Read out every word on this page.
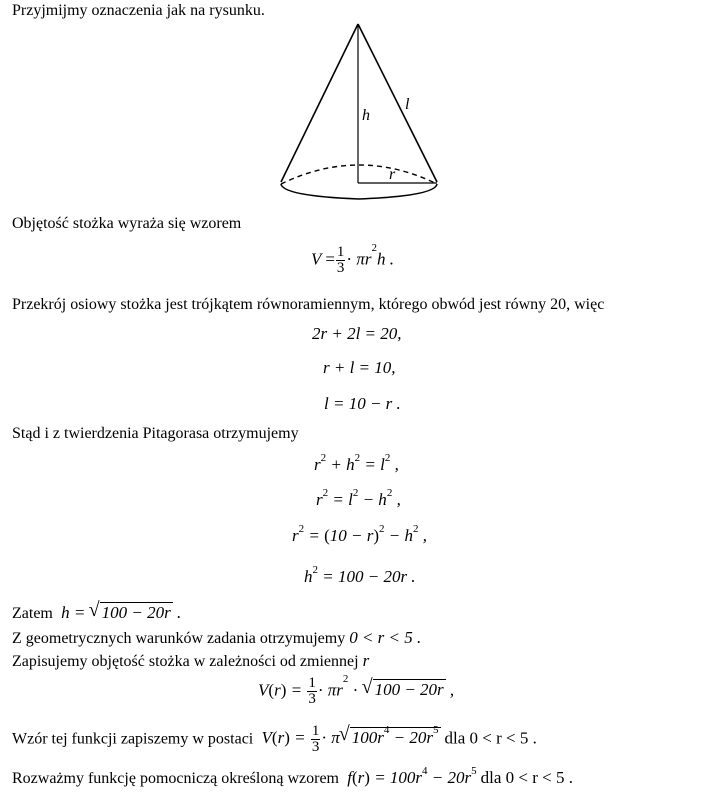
Przyjmijmy oznaczenia jak na rysunku.
h
l
r
Objętość stożka wyraża się wzorem
$V = \frac{1}{3} \cdot \pi r^2h$ .
Przekrój osiowy stożka jest trójkątem równoramiennym, którego obwód jest równy 20, więc
2r + 2l = 20,
r + l = 10,
l = 10 − r .
Stąd i z twierdzenia Pitagorasa otrzymujemy
$r^2 + h^2 = l^2$ ,
$r^2 = l^2 - h^2$ ,
$r^2 = (10 - r)^2 - h^2$ ,
$h^2 = 100 - 20r$ .
Zatem  h = √ 100 − 20r .
Z geometrycznych warunków zadania otrzymujemy 0 < r < 5 .
Zapisujemy objętość stożka w zależności od zmiennej r
$V(r) = \frac{1}{3} \cdot \pi r^2$ · √ 100 − 20r ,
Wzór tej funkcji zapiszemy w postaci  $V(r) = \frac{1}{3} \cdot \pi√$ $100r^4 - 20r^5$ dla 0 < r < 5 .
Rozważmy funkcję pomocniczą określoną wzorem  $f(r) = 100r^4 - 20r^5$ dla 0 < r < 5 .
